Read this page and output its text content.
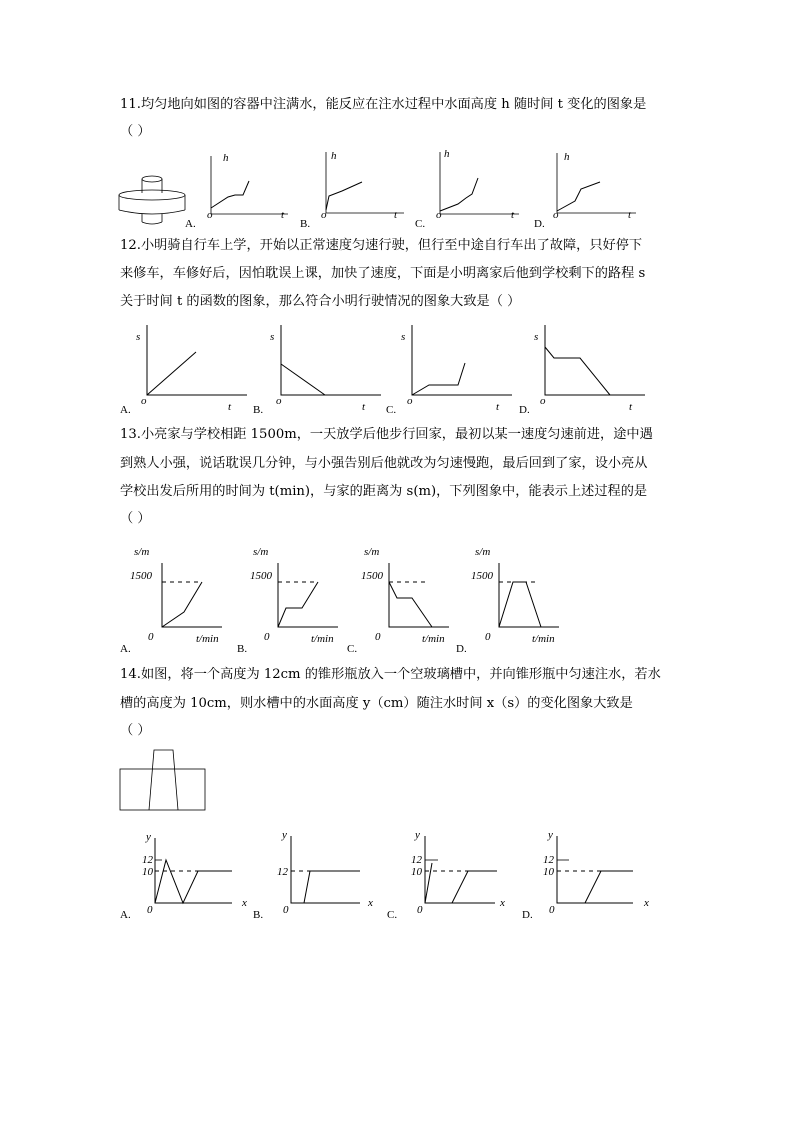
11.均匀地向如图的容器中注满水，能反应在注水过程中水面高度 h 随时间 t 变化的图象是
（ ）
h
o	t
A.
h
o	t
B.
h
o	t
C.
h
o	t
D.
12.小明骑自行车上学，开始以正常速度匀速行驶，但行至中途自行车出了故障，只好停下
来修车，车修好后，因怕耽误上课，加快了速度，下面是小明离家后他到学校剩下的路程 s
关于时间 t 的函数的图象，那么符合小明行驶情况的图象大致是（ ）
s
o	t
A.
s
o	t
B.
s
o	t
C.
s
o	t
D.
13.小亮家与学校相距 1500m，一天放学后他步行回家，最初以某一速度匀速前进，途中遇
到熟人小强，说话耽误几分钟，与小强告别后他就改为匀速慢跑，最后回到了家，设小亮从
学校出发后所用的时间为 t(min)，与家的距离为 s(m)，下列图象中，能表示上述过程的是
（ ）
s/m
1500
0	t/min
A.
s/m
1500
0	t/min
B.
s/m
1500
0	t/min
C.
s/m
1500
0	t/min
D.
14.如图，将一个高度为 12cm 的锥形瓶放入一个空玻璃槽中，并向锥形瓶中匀速注水，若水
槽的高度为 10cm，则水槽中的水面高度 y（cm）随注水时间 x（s）的变化图象大致是
（ ）
y
12
10
0
x
A.
y
12
0
x
B.
y
12
10
0
x
C.
y
12
10
0
x
D.
